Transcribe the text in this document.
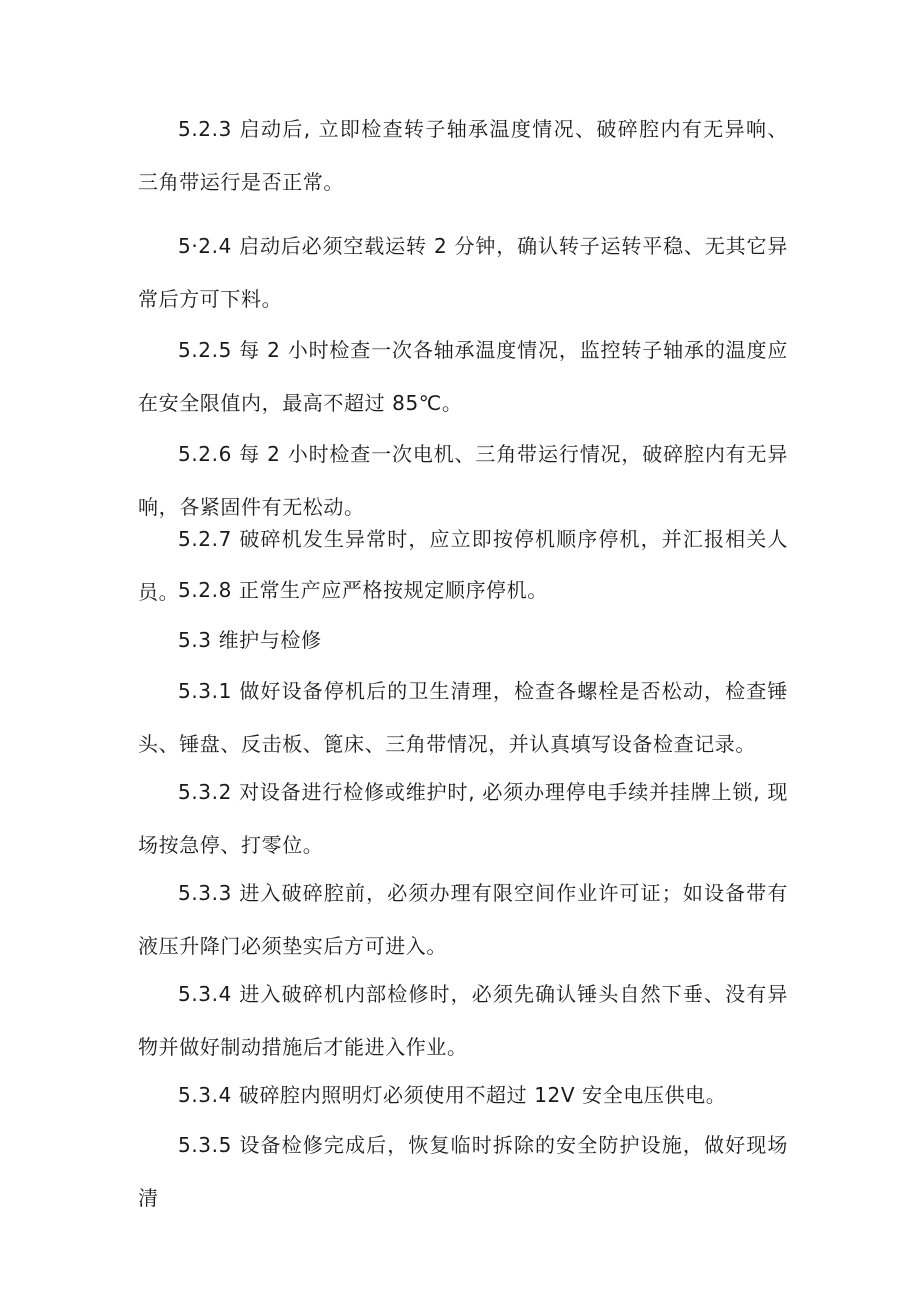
5.2.3 启动后, 立即检查转子轴承温度情况、破碎腔内有无异响、三角带运行是否正常。

5·2.4 启动后必须空载运转 2 分钟，确认转子运转平稳、无其它异常后方可下料。

5.2.5 每 2 小时检查一次各轴承温度情况，监控转子轴承的温度应在安全限值内，最高不超过 85℃。

5.2.6 每 2 小时检查一次电机、三角带运行情况，破碎腔内有无异响，各紧固件有无松动。

5.2.7 破碎机发生异常时，应立即按停机顺序停机，并汇报相关人员。

5.2.8 正常生产应严格按规定顺序停机。

5.3 维护与检修

5.3.1 做好设备停机后的卫生清理，检查各螺栓是否松动，检查锤头、锤盘、反击板、篦床、三角带情况，并认真填写设备检查记录。

5.3.2 对设备进行检修或维护时, 必须办理停电手续并挂牌上锁, 现场按急停、打零位。

5.3.3 进入破碎腔前，必须办理有限空间作业许可证；如设备带有液压升降门必须垫实后方可进入。

5.3.4 进入破碎机内部检修时，必须先确认锤头自然下垂、没有异物并做好制动措施后才能进入作业。

5.3.4 破碎腔内照明灯必须使用不超过 12V 安全电压供电。

5.3.5 设备检修完成后，恢复临时拆除的安全防护设施，做好现场清
